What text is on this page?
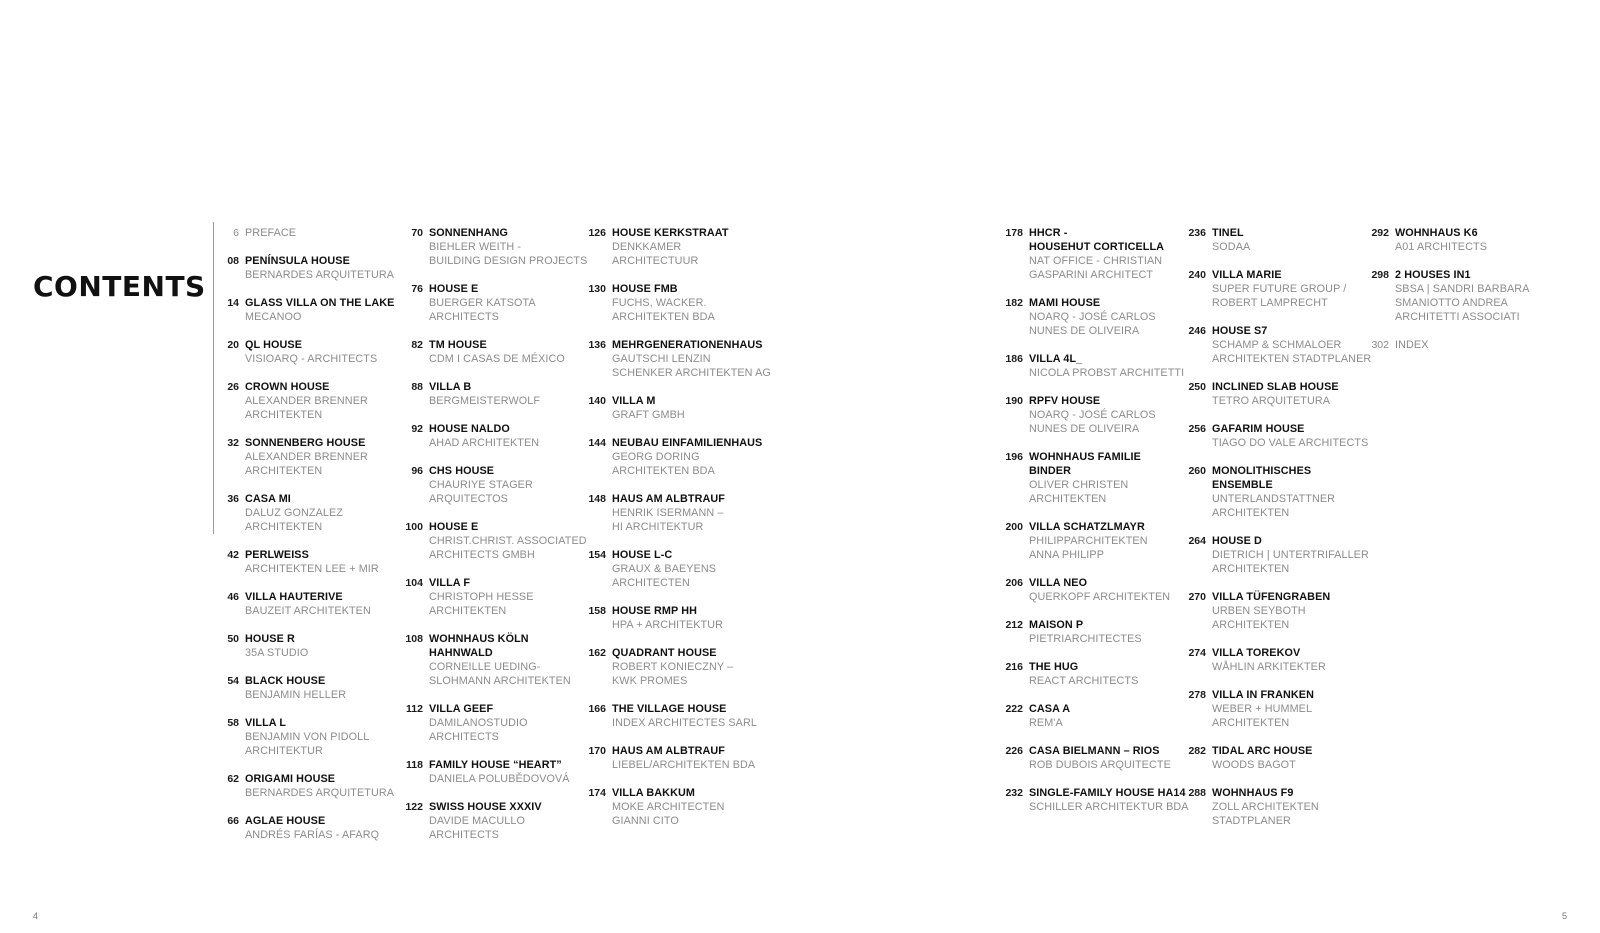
CONTENTS
6 PREFACE
08 PENÍNSULA HOUSE
BERNARDES ARQUITETURA
14 GLASS VILLA ON THE LAKE
MECANOO
20 QL HOUSE
VISIOARQ - ARCHITECTS
26 CROWN HOUSE
ALEXANDER BRENNER
ARCHITEKTEN
32 SONNENBERG HOUSE
ALEXANDER BRENNER
ARCHITEKTEN
36 CASA MI
DALUZ GONZALEZ
ARCHITEKTEN
42 PERLWEISS
ARCHITEKTEN LEE + MIR
46 VILLA HAUTERIVE
BAUZEIT ARCHITEKTEN
50 HOUSE R
35A STUDIO
54 BLACK HOUSE
BENJAMIN HELLER
58 VILLA L
BENJAMIN VON PIDOLL
ARCHITEKTUR
62 ORIGAMI HOUSE
BERNARDES ARQUITETURA
66 AGLAE HOUSE
ANDRÉS FARÍAS - AFARQ
70 SONNENHANG
BIEHLER WEITH -
BUILDING DESIGN PROJECTS
76 HOUSE E
BUERGER KATSOTA
ARCHITECTS
82 TM HOUSE
CDM I CASAS DE MÉXICO
88 VILLA B
BERGMEISTERWOLF
92 HOUSE NALDO
AHAD ARCHITEKTEN
96 CHS HOUSE
CHAURIYE STAGER
ARQUITECTOS
100 HOUSE E
CHRIST.CHRIST. ASSOCIATED
ARCHITECTS GMBH
104 VILLA F
CHRISTOPH HESSE
ARCHITEKTEN
108 WOHNHAUS KÖLN
HAHNWALD
CORNEILLE UEDING-
SLOHMANN ARCHITEKTEN
112 VILLA GEEF
DAMILANOSTUDIO
ARCHITECTS
118 FAMILY HOUSE “HEART”
DANIELA POLUBĚDOVOVÁ
122 SWISS HOUSE XXXIV
DAVIDE MACULLO
ARCHITECTS
126 HOUSE KERKSTRAAT
DENKKAMER
ARCHITECTUUR
130 HOUSE FMB
FUCHS, WACKER.
ARCHITEKTEN BDA
136 MEHRGENERATIONENHAUS
GAUTSCHI LENZIN
SCHENKER ARCHITEKTEN AG
140 VILLA M
GRAFT GMBH
144 NEUBAU EINFAMILIENHAUS
GEORG DORING
ARCHITEKTEN BDA
148 HAUS AM ALBTRAUF
HENRIK ISERMANN –
HI ARCHITEKTUR
154 HOUSE L-C
GRAUX & BAEYENS
ARCHITECTEN
158 HOUSE RMP HH
HPA + ARCHITEKTUR
162 QUADRANT HOUSE
ROBERT KONIECZNY –
KWK PROMES
166 THE VILLAGE HOUSE
INDEX ARCHITECTES SARL
170 HAUS AM ALBTRAUF
LIEBEL/ARCHITEKTEN BDA
174 VILLA BAKKUM
MOKE ARCHITECTEN
GIANNI CITO
178 HHCR -
HOUSEHUT CORTICELLA
NAT OFFICE - CHRISTIAN
GASPARINI ARCHITECT
182 MAMI HOUSE
NOARQ - JOSÉ CARLOS
NUNES DE OLIVEIRA
186 VILLA 4L_
NICOLA PROBST ARCHITETTI
190 RPFV HOUSE
NOARQ - JOSÉ CARLOS
NUNES DE OLIVEIRA
196 WOHNHAUS FAMILIE
BINDER
OLIVER CHRISTEN
ARCHITEKTEN
200 VILLA SCHATZLMAYR
PHILIPPARCHITEKTEN
ANNA PHILIPP
206 VILLA NEO
QUERKOPF ARCHITEKTEN
212 MAISON P
PIETRIARCHITECTES
216 THE HUG
REACT ARCHITECTS
222 CASA A
REM'A
226 CASA BIELMANN – RIOS
ROB DUBOIS ARQUITECTE
232 SINGLE-FAMILY HOUSE HA14
SCHILLER ARCHITEKTUR BDA
236 TINEL
SODAA
240 VILLA MARIE
SUPER FUTURE GROUP /
ROBERT LAMPRECHT
246 HOUSE S7
SCHAMP & SCHMALOER
ARCHITEKTEN STADTPLANER
250 INCLINED SLAB HOUSE
TETRO ARQUITETURA
256 GAFARIM HOUSE
TIAGO DO VALE ARCHITECTS
260 MONOLITHISCHES
ENSEMBLE
UNTERLANDSTATTNER
ARCHITEKTEN
264 HOUSE D
DIETRICH | UNTERTRIFALLER
ARCHITEKTEN
270 VILLA TÜFENGRABEN
URBEN SEYBOTH
ARCHITEKTEN
274 VILLA TOREKOV
WÅHLIN ARKITEKTER
278 VILLA IN FRANKEN
WEBER + HUMMEL
ARCHITEKTEN
282 TIDAL ARC HOUSE
WOODS BAGOT
288 WOHNHAUS F9
ZOLL ARCHITEKTEN
STADTPLANER
292 WOHNHAUS K6
A01 ARCHITECTS
298 2 HOUSES IN1
SBSA | SANDRI BARBARA
SMANIOTTO ANDREA
ARCHITETTI ASSOCIATI
302 INDEX
4	5
